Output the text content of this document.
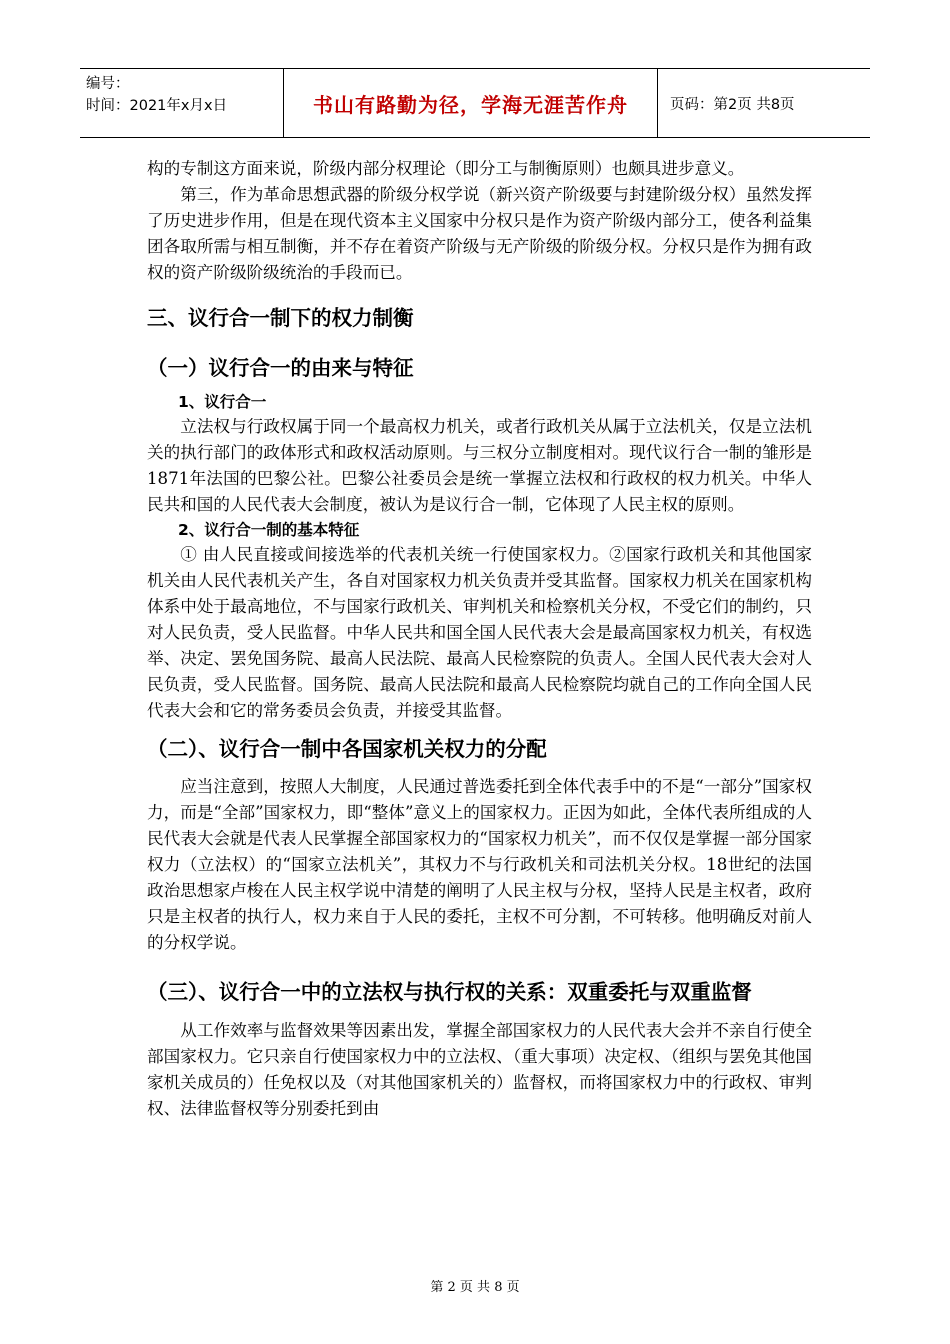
编号：
时间：2021年x月x日	书山有路勤为径，学海无涯苦作舟	页码：第2页 共8页

构的专制这方面来说，阶级内部分权理论（即分工与制衡原则）也颇具进步意义。

第三，作为革命思想武器的阶级分权学说（新兴资产阶级要与封建阶级分权）虽然发挥了历史进步作用，但是在现代资本主义国家中分权只是作为资产阶级内部分工，使各利益集团各取所需与相互制衡，并不存在着资产阶级与无产阶级的阶级分权。分权只是作为拥有政权的资产阶级阶级统治的手段而已。

三、议行合一制下的权力制衡
（一）议行合一的由来与特征
1、议行合一

立法权与行政权属于同一个最高权力机关，或者行政机关从属于立法机关，仅是立法机关的执行部门的政体形式和政权活动原则。与三权分立制度相对。现代议行合一制的雏形是1871年法国的巴黎公社。巴黎公社委员会是统一掌握立法权和行政权的权力机关。中华人民共和国的人民代表大会制度，被认为是议行合一制，它体现了人民主权的原则。

2、议行合一制的基本特征

① 由人民直接或间接选举的代表机关统一行使国家权力。②国家行政机关和其他国家机关由人民代表机关产生，各自对国家权力机关负责并受其监督。国家权力机关在国家机构体系中处于最高地位，不与国家行政机关、审判机关和检察机关分权，不受它们的制约，只对人民负责，受人民监督。中华人民共和国全国人民代表大会是最高国家权力机关，有权选举、决定、罢免国务院、最高人民法院、最高人民检察院的负责人。全国人民代表大会对人民负责，受人民监督。国务院、最高人民法院和最高人民检察院均就自己的工作向全国人民代表大会和它的常务委员会负责，并接受其监督。

（二）、议行合一制中各国家机关权力的分配

应当注意到，按照人大制度，人民通过普选委托到全体代表手中的不是“一部分”国家权力，而是“全部”国家权力，即“整体”意义上的国家权力。正因为如此，全体代表所组成的人民代表大会就是代表人民掌握全部国家权力的“国家权力机关”，而不仅仅是掌握一部分国家权力（立法权）的“国家立法机关”，其权力不与行政机关和司法机关分权。18世纪的法国政治思想家卢梭在人民主权学说中清楚的阐明了人民主权与分权，坚持人民是主权者，政府只是主权者的执行人，权力来自于人民的委托，主权不可分割，不可转移。他明确反对前人的分权学说。

（三）、议行合一中的立法权与执行权的关系：双重委托与双重监督

从工作效率与监督效果等因素出发，掌握全部国家权力的人民代表大会并不亲自行使全部国家权力。它只亲自行使国家权力中的立法权、（重大事项）决定权、（组织与罢免其他国家机关成员的）任免权以及（对其他国家机关的）监督权，而将国家权力中的行政权、审判权、法律监督权等分别委托到由

第 2 页 共 8 页
